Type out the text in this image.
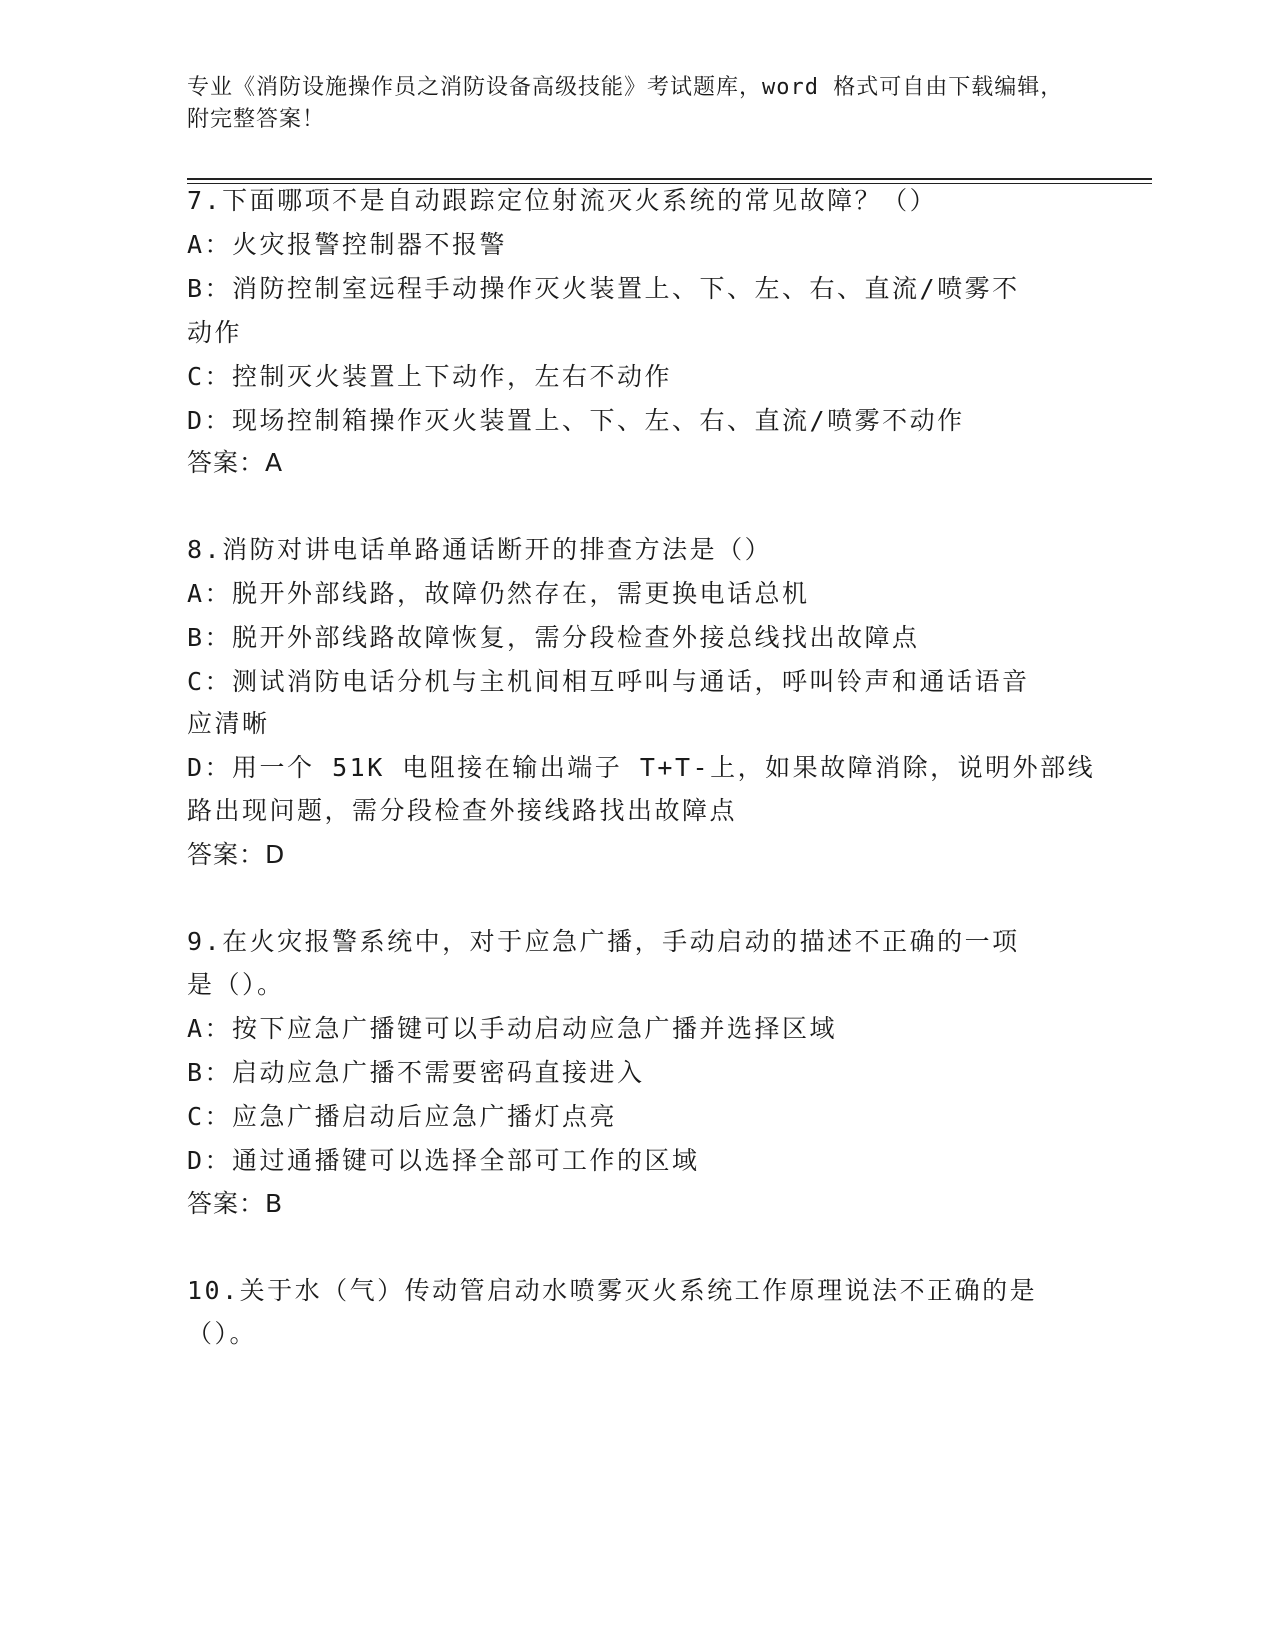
专业《消防设施操作员之消防设备高级技能》考试题库，word 格式可自由下载编辑，附完整答案！
7.下面哪项不是自动跟踪定位射流灭火系统的常见故障？（）
A：火灾报警控制器不报警
B：消防控制室远程手动操作灭火装置上、下、左、右、直流/喷雾不
动作
C：控制灭火装置上下动作，左右不动作
D：现场控制箱操作灭火装置上、下、左、右、直流/喷雾不动作
答案：A
8.消防对讲电话单路通话断开的排查方法是（）
A：脱开外部线路，故障仍然存在，需更换电话总机
B：脱开外部线路故障恢复，需分段检查外接总线找出故障点
C：测试消防电话分机与主机间相互呼叫与通话，呼叫铃声和通话语音
应清晰
D：用一个 51K 电阻接在输出端子 T+T-上，如果故障消除，说明外部线
路出现问题，需分段检查外接线路找出故障点
答案：D
9.在火灾报警系统中，对于应急广播，手动启动的描述不正确的一项
是（）。
A：按下应急广播键可以手动启动应急广播并选择区域
B：启动应急广播不需要密码直接进入
C：应急广播启动后应急广播灯点亮
D：通过通播键可以选择全部可工作的区域
答案：B
10.关于水（气）传动管启动水喷雾灭火系统工作原理说法不正确的是
（）。
